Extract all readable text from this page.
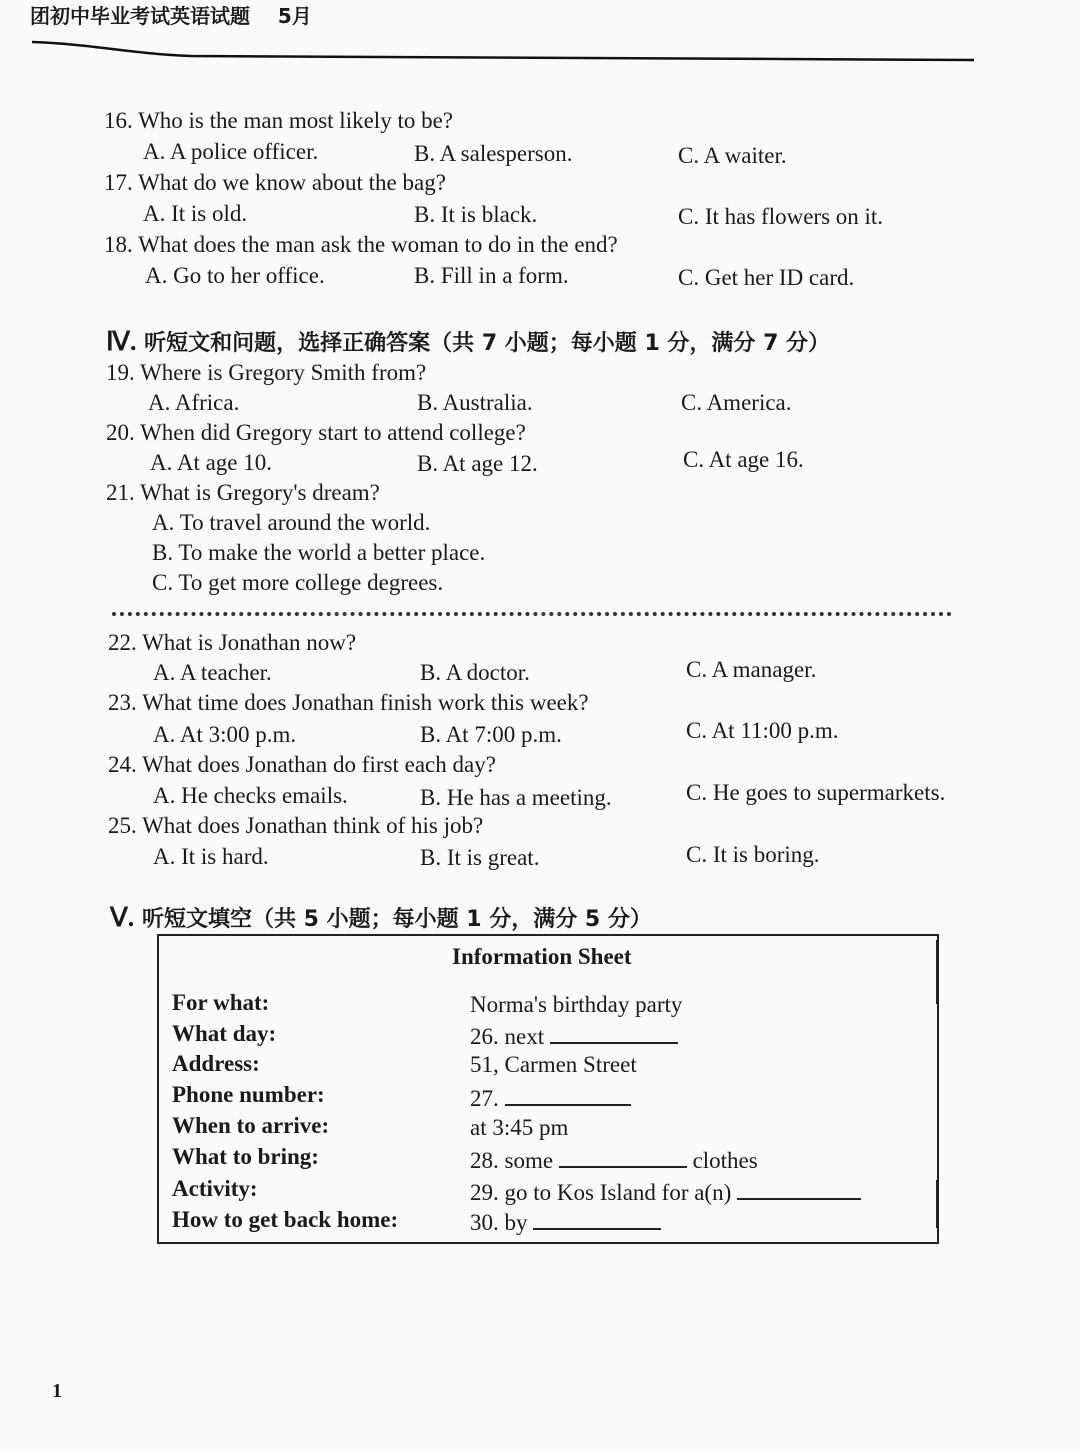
团初中毕业考试英语试题 5月
16. Who is the man most likely to be?
A. A police officer.	B. A salesperson.	C. A waiter.
17. What do we know about the bag?
A. It is old.	B. It is black.	C. It has flowers on it.
18. What does the man ask the woman to do in the end?
A. Go to her office.	B. Fill in a form.	C. Get her ID card.
Ⅳ. 听短文和问题，选择正确答案（共 7 小题；每小题 1 分，满分 7 分）
19. Where is Gregory Smith from?
A. Africa.	B. Australia.	C. America.
20. When did Gregory start to attend college?
A. At age 10.	B. At age 12.	C. At age 16.
21. What is Gregory's dream?
A. To travel around the world.
B. To make the world a better place.
C. To get more college degrees.
22. What is Jonathan now?
A. A teacher.	B. A doctor.	C. A manager.
23. What time does Jonathan finish work this week?
A. At 3:00 p.m.	B. At 7:00 p.m.	C. At 11:00 p.m.
24. What does Jonathan do first each day?
A. He checks emails.	B. He has a meeting.	C. He goes to supermarkets.
25. What does Jonathan think of his job?
A. It is hard.	B. It is great.	C. It is boring.
Ⅴ. 听短文填空（共 5 小题；每小题 1 分，满分 5 分）
Information Sheet
For what:	Norma's birthday party
What day:	26. next
Address:	51, Carmen Street
Phone number:	27.
When to arrive:	at 3:45 pm
What to bring:	28. some	clothes
Activity:	29. go to Kos Island for a(n)
How to get back home:	30. by
1
